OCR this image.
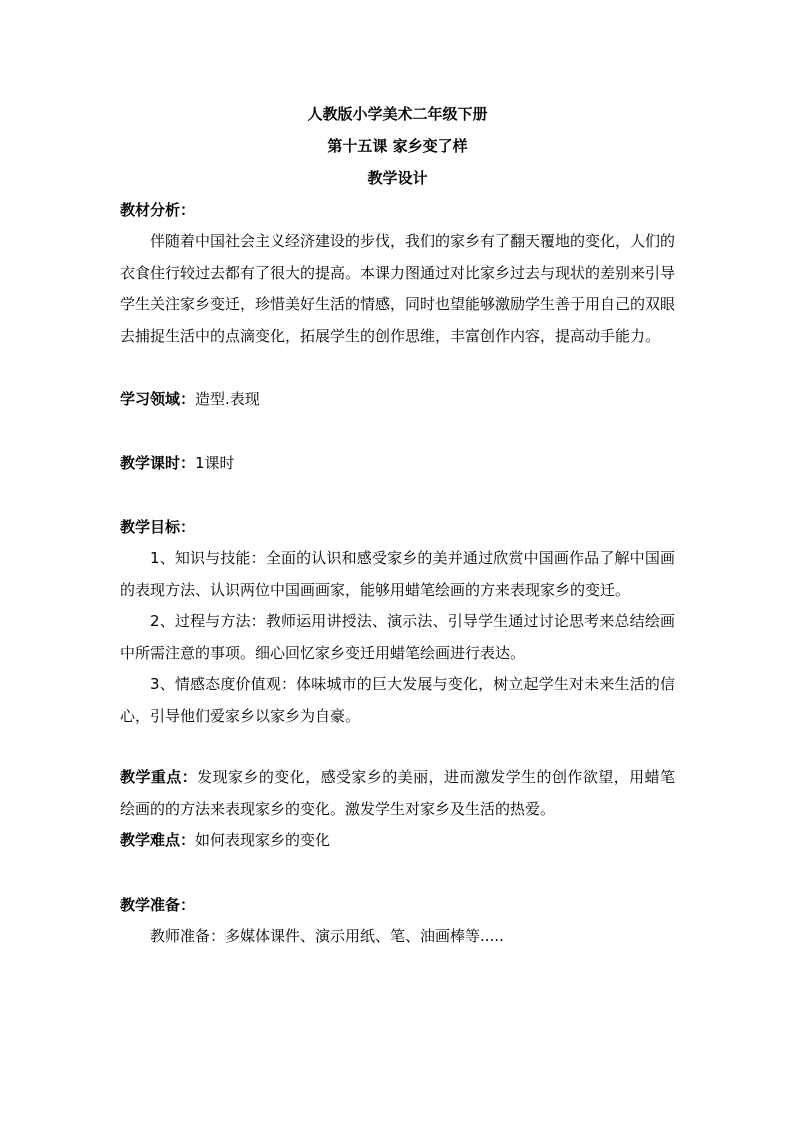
人教版小学美术二年级下册

第十五课 家乡变了样

教学设计

教材分析：

伴随着中国社会主义经济建设的步伐，我们的家乡有了翻天覆地的变化，人们的衣食住行较过去都有了很大的提高。本课力图通过对比家乡过去与现状的差别来引导学生关注家乡变迁，珍惜美好生活的情感，同时也望能够激励学生善于用自己的双眼去捕捉生活中的点滴变化，拓展学生的创作思维，丰富创作内容，提高动手能力。

学习领域：造型.表现

教学课时：1课时

教学目标：

1、知识与技能：全面的认识和感受家乡的美并通过欣赏中国画作品了解中国画的表现方法、认识两位中国画画家，能够用蜡笔绘画的方来表现家乡的变迁。

2、过程与方法：教师运用讲授法、演示法、引导学生通过讨论思考来总结绘画中所需注意的事项。细心回忆家乡变迁用蜡笔绘画进行表达。

3、情感态度价值观：体味城市的巨大发展与变化，树立起学生对未来生活的信心，引导他们爱家乡以家乡为自豪。

教学重点：发现家乡的变化，感受家乡的美丽，进而激发学生的创作欲望，用蜡笔绘画的的方法来表现家乡的变化。激发学生对家乡及生活的热爱。

教学难点：如何表现家乡的变化

教学准备：

教师准备：多媒体课件、演示用纸、笔、油画棒等.....
